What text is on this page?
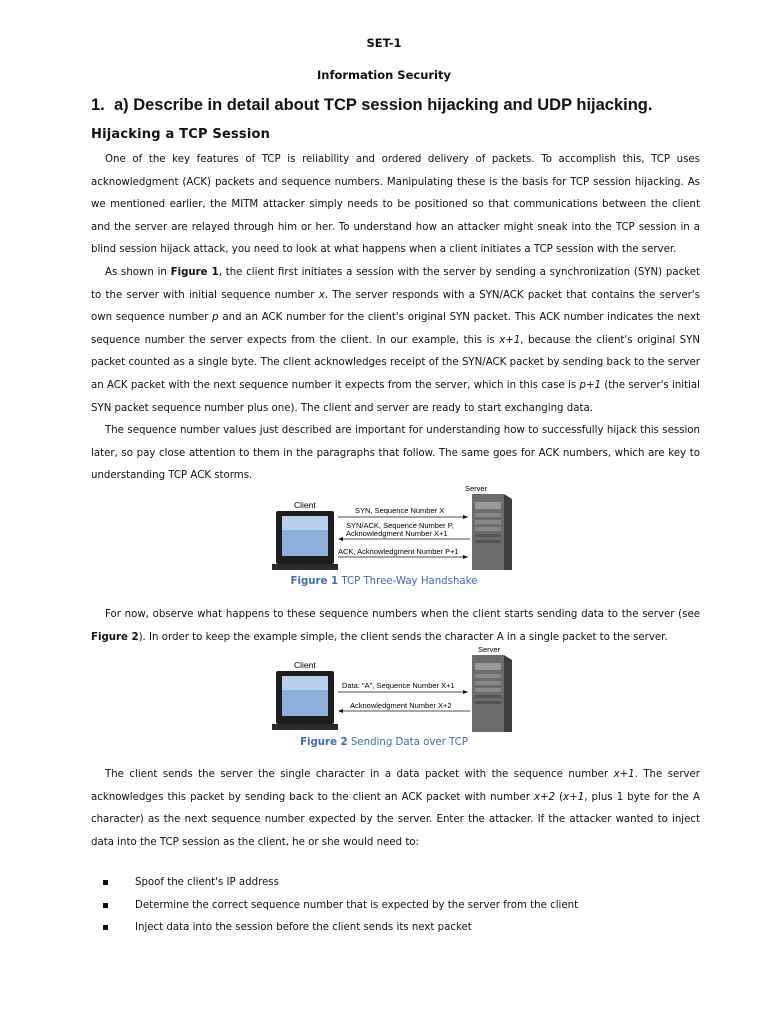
SET-1
Information Security
1. a) Describe in detail about TCP session hijacking and UDP hijacking.
Hijacking a TCP Session

One of the key features of TCP is reliability and ordered delivery of packets. To accomplish this, TCP uses acknowledgment (ACK) packets and sequence numbers. Manipulating these is the basis for TCP session hijacking. As we mentioned earlier, the MITM attacker simply needs to be positioned so that communications between the client and the server are relayed through him or her. To understand how an attacker might sneak into the TCP session in a blind session hijack attack, you need to look at what happens when a client initiates a TCP session with the server.

As shown in Figure 1, the client first initiates a session with the server by sending a synchronization (SYN) packet to the server with initial sequence number x. The server responds with a SYN/ACK packet that contains the server's own sequence number p and an ACK number for the client's original SYN packet. This ACK number indicates the next sequence number the server expects from the client. In our example, this is x+1, because the client's original SYN packet counted as a single byte. The client acknowledges receipt of the SYN/ACK packet by sending back to the server an ACK packet with the next sequence number it expects from the server, which in this case is p+1 (the server's initial SYN packet sequence number plus one). The client and server are ready to start exchanging data.

The sequence number values just described are important for understanding how to successfully hijack this session later, so pay close attention to them in the paragraphs that follow. The same goes for ACK numbers, which are key to understanding TCP ACK storms.

Client
Server
SYN, Sequence Number X
SYN/ACK, Sequence Number P,
Acknowledgment Number X+1
ACK, Acknowledgment Number P+1
Figure 1 TCP Three-Way Handshake

For now, observe what happens to these sequence numbers when the client starts sending data to the server (see Figure 2). In order to keep the example simple, the client sends the character A in a single packet to the server.

Client
Server
Data: "A", Sequence Number X+1
Acknowledgment Number X+2
Figure 2 Sending Data over TCP

The client sends the server the single character in a data packet with the sequence number x+1. The server acknowledges this packet by sending back to the client an ACK packet with number x+2 (x+1, plus 1 byte for the A character) as the next sequence number expected by the server. Enter the attacker. If the attacker wanted to inject data into the TCP session as the client, he or she would need to:

Spoof the client's IP address
Determine the correct sequence number that is expected by the server from the client
Inject data into the session before the client sends its next packet
